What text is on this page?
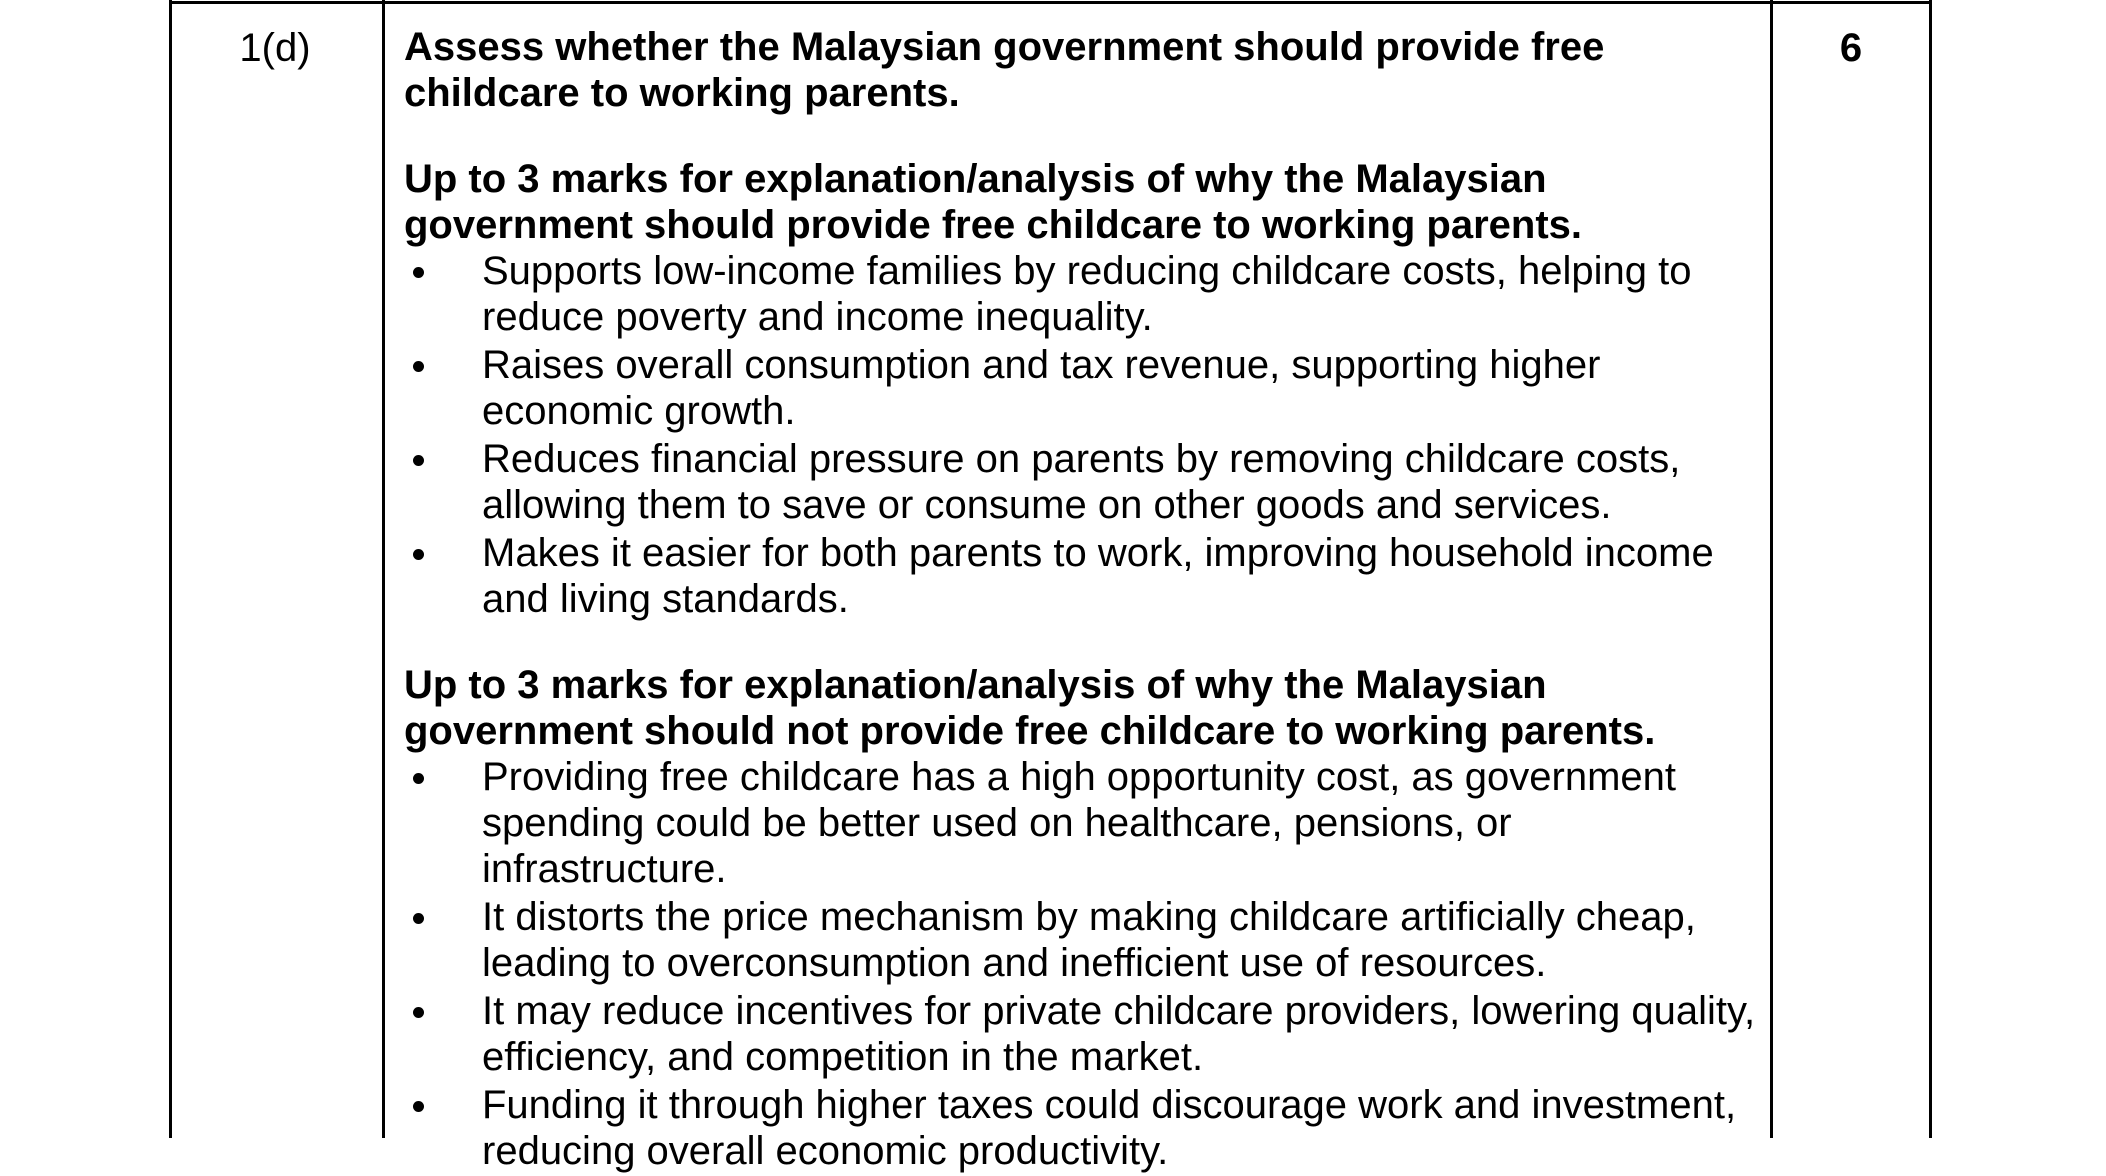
1(d)	Assess whether the Malaysian government should provide free childcare to working parents.

Up to 3 marks for explanation/analysis of why the Malaysian government should provide free childcare to working parents.

Supports low-income families by reducing childcare costs, helping to reduce poverty and income inequality.
Raises overall consumption and tax revenue, supporting higher economic growth.
Reduces financial pressure on parents by removing childcare costs, allowing them to save or consume on other goods and services.
Makes it easier for both parents to work, improving household income and living standards.

Up to 3 marks for explanation/analysis of why the Malaysian government should not provide free childcare to working parents.

Providing free childcare has a high opportunity cost, as government spending could be better used on healthcare, pensions, or infrastructure.
It distorts the price mechanism by making childcare artificially cheap, leading to overconsumption and inefficient use of resources.
It may reduce incentives for private childcare providers, lowering quality, efficiency, and competition in the market.
Funding it through higher taxes could discourage work and investment, reducing overall economic productivity.
6
